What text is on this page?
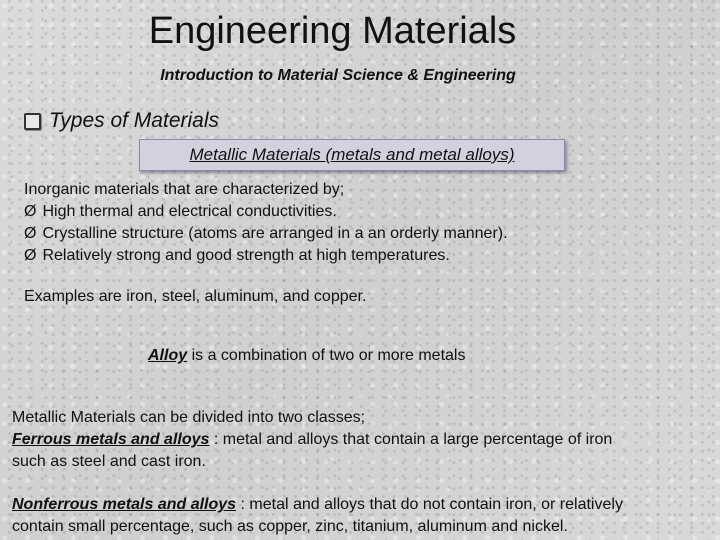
Engineering Materials
Introduction to Material Science & Engineering
Types of Materials
Metallic Materials (metals and metal alloys)
Inorganic materials that are characterized by;
Ø High thermal and electrical conductivities.
Ø Crystalline structure (atoms are arranged in a an orderly manner).
Ø Relatively strong and good strength at high temperatures.
Examples are iron, steel, aluminum, and copper.
Alloy is a combination of two or more metals
Metallic Materials can be divided into two classes;
Ferrous metals and alloys : metal and alloys that contain a large percentage of iron
such as steel and cast iron.
Nonferrous metals and alloys : metal and alloys that do not contain iron, or relatively
contain small percentage, such as copper, zinc, titanium, aluminum and nickel.
